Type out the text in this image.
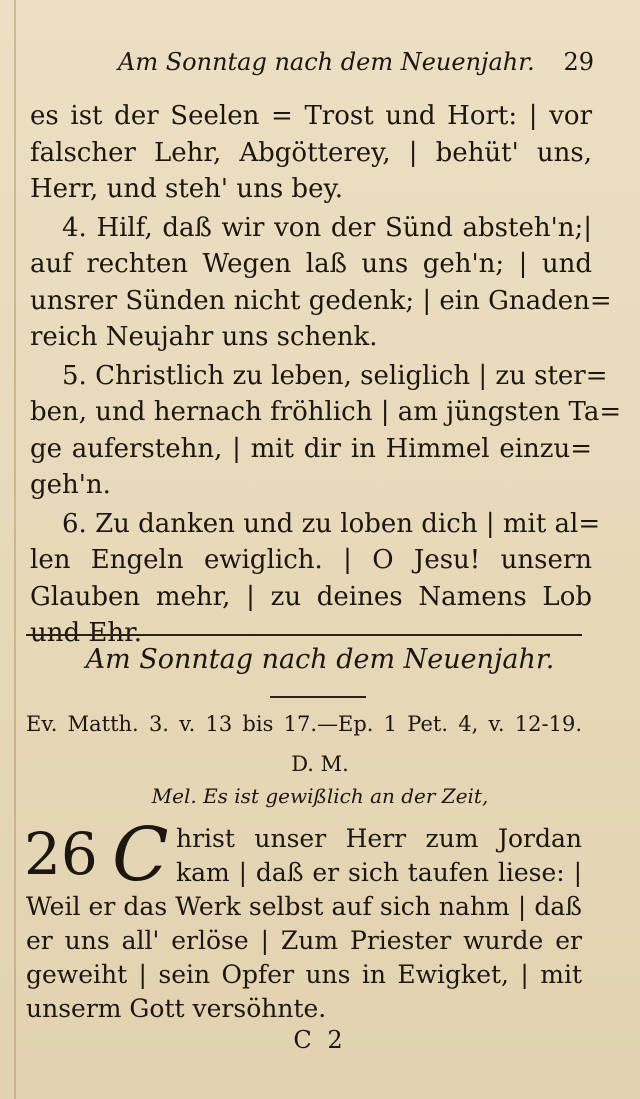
Am Sonntag nach dem Neuenjahr. 29
es ist der Seelen = Trost und Hort: | vor
falscher Lehr, Abgötterey, | behüt' uns,
Herr, und steh' uns bey.
4. Hilf, daß wir von der Sünd absteh'n;|
auf rechten Wegen laß uns geh'n; | und
unsrer Sünden nicht gedenk; | ein Gnaden=
reich Neujahr uns schenk.
5. Christlich zu leben, seliglich | zu ster=
ben, und hernach fröhlich | am jüngsten Ta=
ge auferstehn, | mit dir in Himmel einzu=
geh'n.
6. Zu danken und zu loben dich | mit al=
len Engeln ewiglich. | O Jesu! unsern
Glauben mehr, | zu deines Namens Lob
und Ehr.
Am Sonntag nach dem Neuenjahr.
Ev. Matth. 3. v. 13 bis 17.—Ep. 1 Pet. 4, v. 12-19.
D. M.
Mel. Es ist gewißlich an der Zeit,
26 C hrist unser Herr zum Jordan
kam | daß er sich taufen liese: |
Weil er das Werk selbst auf sich nahm | daß
er uns all' erlöse | Zum Priester wurde er
geweiht | sein Opfer uns in Ewigket, | mit
unserm Gott versöhnte.
C 2
